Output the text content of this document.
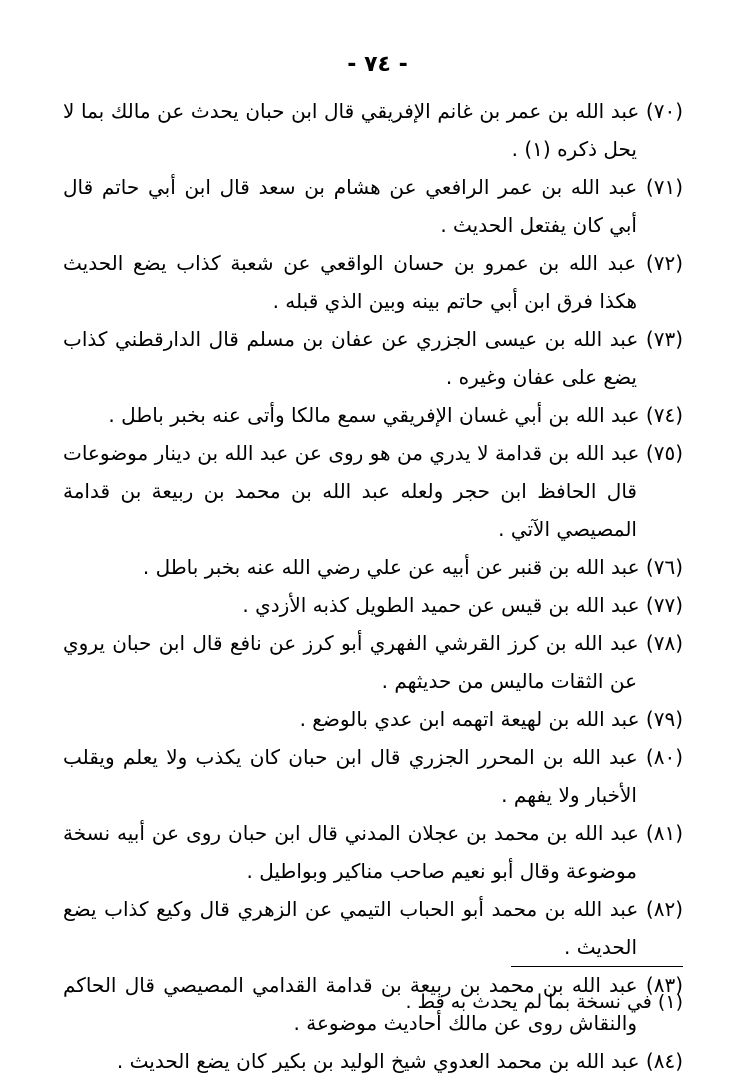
- ٧٤ -

(٧٠) عبد الله بن عمر بن غانم الإفريقي قال ابن حبان يحدث عن مالك بما لا يحل ذكره (١) .

(٧١) عبد الله بن عمر الرافعي عن هشام بن سعد قال ابن أبي حاتم قال أبي كان يفتعل الحديث .

(٧٢) عبد الله بن عمرو بن حسان الواقعي عن شعبة كذاب يضع الحديث هكذا فرق ابن أبي حاتم بينه وبين الذي قبله .

(٧٣) عبد الله بن عيسى الجزري عن عفان بن مسلم قال الدارقطني كذاب يضع على عفان وغيره .

(٧٤) عبد الله بن أبي غسان الإفريقي سمع مالكا وأتى عنه بخبر باطل .

(٧٥) عبد الله بن قدامة لا يدري من هو روى عن عبد الله بن دينار موضوعات قال الحافظ ابن حجر ولعله عبد الله بن محمد بن ربيعة بن قدامة المصيصي الآتي .

(٧٦) عبد الله بن قنبر عن أبيه عن علي رضي الله عنه بخبر باطل .

(٧٧) عبد الله بن قيس عن حميد الطويل كذبه الأزدي .

(٧٨) عبد الله بن كرز القرشي الفهري أبو كرز عن نافع قال ابن حبان يروي عن الثقات ماليس من حديثهم .

(٧٩) عبد الله بن لهيعة اتهمه ابن عدي بالوضع .

(٨٠) عبد الله بن المحرر الجزري قال ابن حبان كان يكذب ولا يعلم ويقلب الأخبار ولا يفهم .

(٨١) عبد الله بن محمد بن عجلان المدني قال ابن حبان روى عن أبيه نسخة موضوعة وقال أبو نعيم صاحب مناكير وبواطيل .

(٨٢) عبد الله بن محمد أبو الحباب التيمي عن الزهري قال وكيع كذاب يضع الحديث .

(٨٣) عبد الله بن محمد بن ربيعة بن قدامة القدامي المصيصي قال الحاكم والنقاش روى عن مالك أحاديث موضوعة .

(٨٤) عبد الله بن محمد العدوي شيخ الوليد بن بكير كان يضع الحديث .

(١) في نسخة بما لم يحدث به قط .
